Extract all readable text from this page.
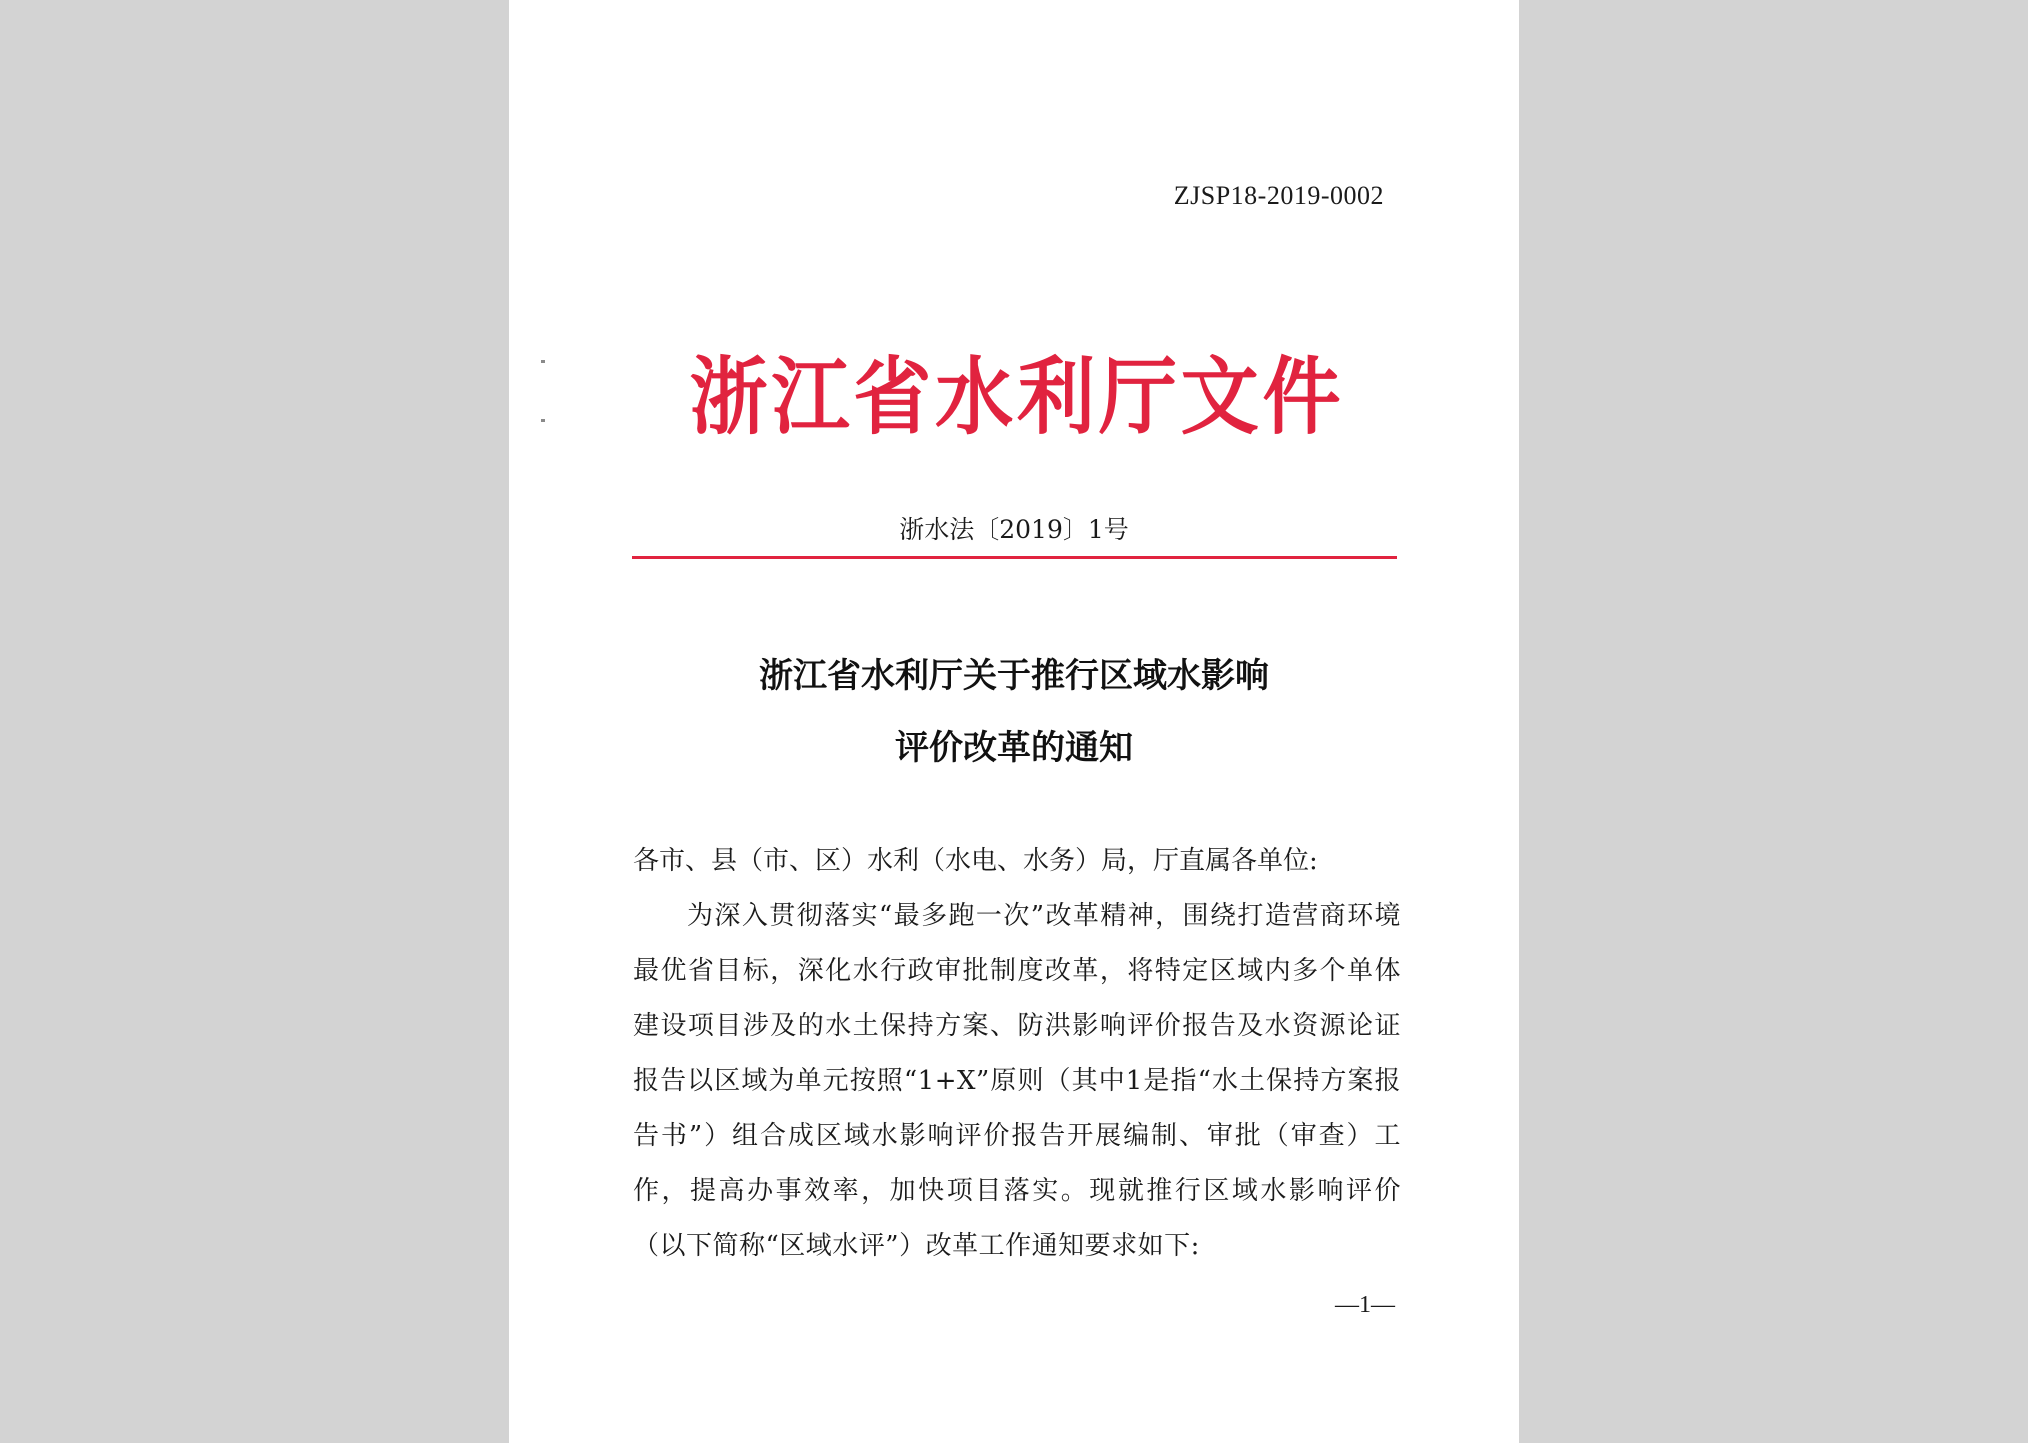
ZJSP18-2019-0002
浙江省水利厅文件
浙水法〔2019〕1号
浙江省水利厅关于推行区域水影响
评价改革的通知

各市、县（市、区）水利（水电、水务）局，厅直属各单位:

为深入贯彻落实“最多跑一次”改革精神，围绕打造营商环境最优省目标，深化水行政审批制度改革，将特定区域内多个单体建设项目涉及的水土保持方案、防洪影响评价报告及水资源论证报告以区域为单元按照“1+X”原则（其中1是指“水土保持方案报告书”）组合成区域水影响评价报告开展编制、审批（审查）工作，提高办事效率，加快项目落实。现就推行区域水影响评价（以下简称“区域水评”）改革工作通知要求如下:

—1—
